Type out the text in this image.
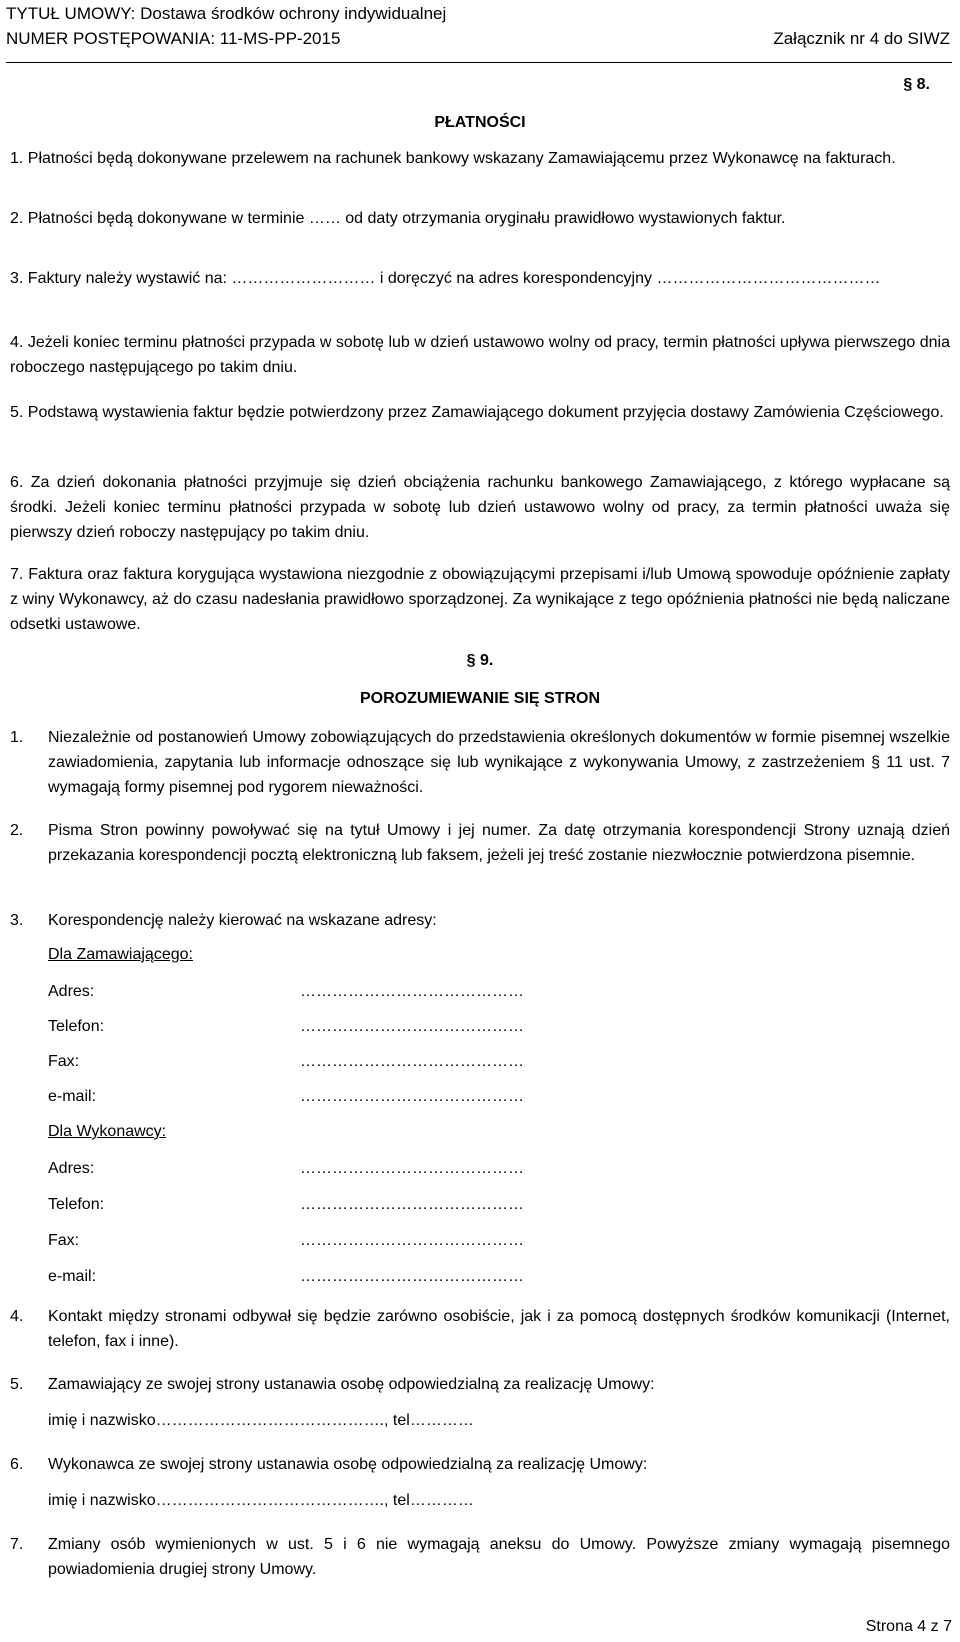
TYTUŁ UMOWY: Dostawa środków ochrony indywidualnej
NUMER POSTĘPOWANIA: 11-MS-PP-2015	Załącznik nr 4 do SIWZ
§ 8.
PŁATNOŚCI
1. Płatności będą dokonywane przelewem na rachunek bankowy wskazany Zamawiającemu przez Wykonawcę na fakturach.
2. Płatności będą dokonywane w terminie …… od daty otrzymania oryginału prawidłowo wystawionych faktur.
3. Faktury należy wystawić na: ……………………… i doręczyć na adres korespondencyjny ……………………………………
4. Jeżeli koniec terminu płatności przypada w sobotę lub w dzień ustawowo wolny od pracy, termin płatności upływa pierwszego dnia roboczego następującego po takim dniu.
5. Podstawą wystawienia faktur będzie potwierdzony przez Zamawiającego dokument przyjęcia dostawy Zamówienia Częściowego.
6. Za dzień dokonania płatności przyjmuje się dzień obciążenia rachunku bankowego Zamawiającego, z którego wypłacane są środki. Jeżeli koniec terminu płatności przypada w sobotę lub dzień ustawowo wolny od pracy, za termin płatności uważa się pierwszy dzień roboczy następujący po takim dniu.
7. Faktura oraz faktura korygująca wystawiona niezgodnie z obowiązującymi przepisami i/lub Umową spowoduje opóźnienie zapłaty z winy Wykonawcy, aż do czasu nadesłania prawidłowo sporządzonej. Za wynikające z tego opóźnienia płatności nie będą naliczane odsetki ustawowe.
§ 9.
POROZUMIEWANIE SIĘ STRON
1. Niezależnie od postanowień Umowy zobowiązujących do przedstawienia określonych dokumentów w formie pisemnej wszelkie zawiadomienia, zapytania lub informacje odnoszące się lub wynikające z wykonywania Umowy, z zastrzeżeniem § 11 ust. 7 wymagają formy pisemnej pod rygorem nieważności.
2. Pisma Stron powinny powoływać się na tytuł Umowy i jej numer. Za datę otrzymania korespondencji Strony uznają dzień przekazania korespondencji pocztą elektroniczną lub faksem, jeżeli jej treść zostanie niezwłocznie potwierdzona pisemnie.
3. Korespondencję należy kierować na wskazane adresy:
Dla Zamawiającego:
Adres:	……………………………………
Telefon:	……………………………………
Fax:	……………………………………
e-mail:	……………………………………
Dla Wykonawcy:
Adres:	……………………………………
Telefon:	……………………………………
Fax:	……………………………………
e-mail:	……………………………………
4. Kontakt między stronami odbywał się będzie zarówno osobiście, jak i za pomocą dostępnych środków komunikacji (Internet, telefon, fax i inne).
5. Zamawiający ze swojej strony ustanawia osobę odpowiedzialną za realizację Umowy:
imię i nazwisko……………………………………., tel…………
6. Wykonawca ze swojej strony ustanawia osobę odpowiedzialną za realizację Umowy:
imię i nazwisko……………………………………., tel…………
7. Zmiany osób wymienionych w ust. 5 i 6 nie wymagają aneksu do Umowy. Powyższe zmiany wymagają pisemnego powiadomienia drugiej strony Umowy.
Strona 4 z 7
